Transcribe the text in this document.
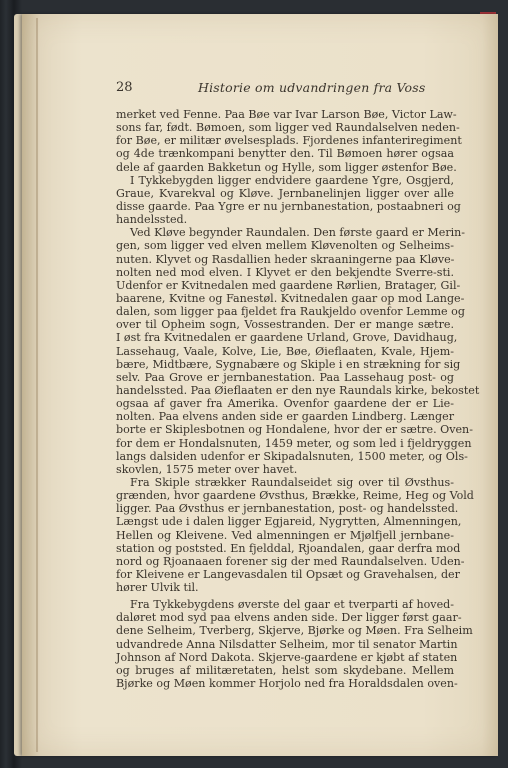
28	Historie om udvandringen fra Voss
merket ved Fenne. Paa Bøe var Ivar Larson Bøe, Victor Law-
sons far, født. Bømoen, som ligger ved Raundalselven neden-
for Bøe, er militær øvelsesplads. Fjordenes infanteriregiment
og 4de trænkompani benytter den. Til Bømoen hører ogsaa
dele af gaarden Bakketun og Hylle, som ligger østenfor Bøe.
I Tykkebygden ligger endvidere gaardene Ygre, Osgjerd,
Graue, Kvarekval og Kløve. Jernbanelinjen ligger over alle
disse gaarde. Paa Ygre er nu jernbanestation, postaabneri og
handelssted.
Ved Kløve begynder Raundalen. Den første gaard er Merin-
gen, som ligger ved elven mellem Kløvenolten og Selheims-
nuten. Klyvet og Rasdallien heder skraaningerne paa Kløve-
nolten ned mod elven. I Klyvet er den bekjendte Sverre-sti.
Udenfor er Kvitnedalen med gaardene Rørlien, Bratager, Gil-
baarene, Kvitne og Fanestøl. Kvitnedalen gaar op mod Lange-
dalen, som ligger paa fjeldet fra Raukjeldo ovenfor Lemme og
over til Opheim sogn, Vossestranden. Der er mange sætre.
I øst fra Kvitnedalen er gaardene Urland, Grove, Davidhaug,
Lassehaug, Vaale, Kolve, Lie, Bøe, Øieflaaten, Kvale, Hjem-
bære, Midtbære, Sygnabære og Skiple i en strækning for sig
selv. Paa Grove er jernbanestation. Paa Lassehaug post- og
handelssted. Paa Øieflaaten er den nye Raundals kirke, bekostet
ogsaa af gaver fra Amerika. Ovenfor gaardene der er Lie-
nolten. Paa elvens anden side er gaarden Lindberg. Længer
borte er Skiplesbotnen og Hondalene, hvor der er sætre. Oven-
for dem er Hondalsnuten, 1459 meter, og som led i fjeldryggen
langs dalsiden udenfor er Skipadalsnuten, 1500 meter, og Ols-
skovlen, 1575 meter over havet.
Fra Skiple strækker Raundalseidet sig over til Øvsthus-
grænden, hvor gaardene Øvsthus, Brække, Reime, Heg og Vold
ligger. Paa Øvsthus er jernbanestation, post- og handelssted.
Længst ude i dalen ligger Egjareid, Nygrytten, Almenningen,
Hellen og Kleivene. Ved almenningen er Mjølfjell jernbane-
station og poststed. En fjelddal, Rjoandalen, gaar derfra mod
nord og Rjoanaaen forener sig der med Raundalselven. Uden-
for Kleivene er Langevasdalen til Opsæt og Gravehalsen, der
hører Ulvik til.
Fra Tykkebygdens øverste del gaar et tverparti af hoved-
daløret mod syd paa elvens anden side. Der ligger først gaar-
dene Selheim, Tverberg, Skjerve, Bjørke og Møen. Fra Selheim
udvandrede Anna Nilsdatter Selheim, mor til senator Martin
Johnson af Nord Dakota. Skjerve-gaardene er kjøbt af staten
og bruges af militæretaten, helst som skydebane. Mellem
Bjørke og Møen kommer Horjolo ned fra Horaldsdalen oven-
